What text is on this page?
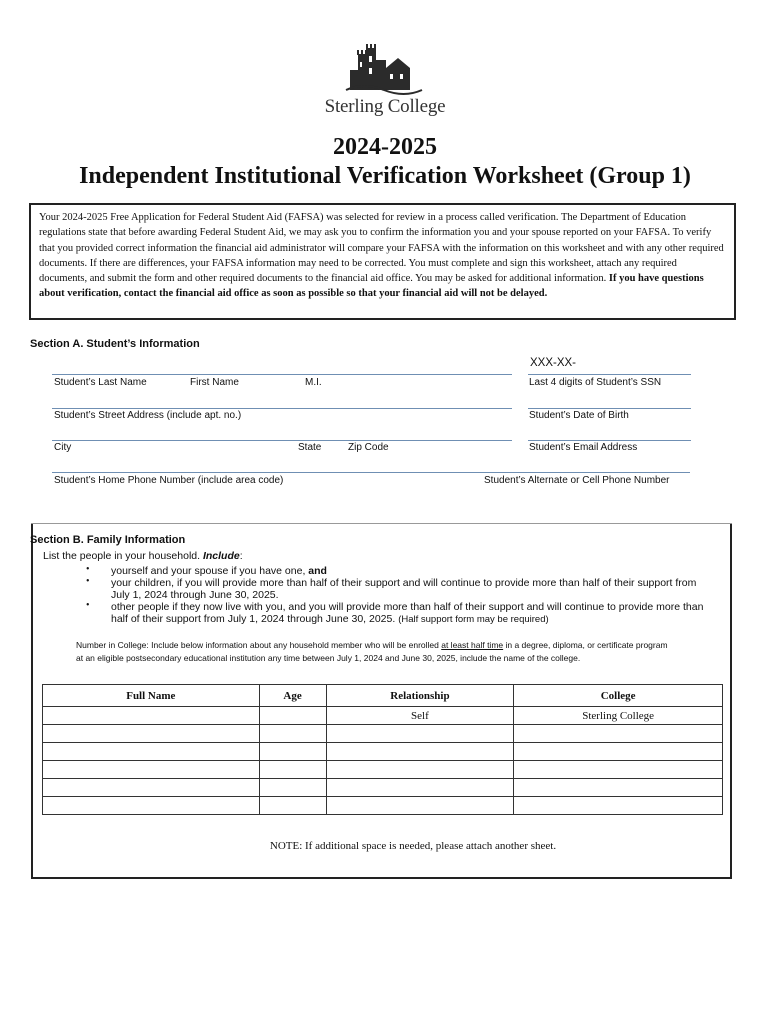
Sterling College
2024-2025
Independent Institutional Verification Worksheet (Group 1)
Your 2024-2025 Free Application for Federal Student Aid (FAFSA) was selected for review in a process called verification. The Department of Education regulations state that before awarding Federal Student Aid, we may ask you to confirm the information you and your spouse reported on your FAFSA. To verify that you provided correct information the financial aid administrator will compare your FAFSA with the information on this worksheet and with any other required documents. If there are differences, your FAFSA information may need to be corrected. You must complete and sign this worksheet, attach any required documents, and submit the form and other required documents to the financial aid office. You may be asked for additional information. If you have questions about verification, contact the financial aid office as soon as possible so that your financial aid will not be delayed.
Section A. Student’s Information
XXX-XX-
Student’s Last Name	First Name	M.I.	Last 4 digits of Student’s SSN
Student’s Street Address (include apt. no.)	Student’s Date of Birth
City	State	Zip Code	Student’s Email Address
Student’s Home Phone Number (include area code)	Student’s Alternate or Cell Phone Number
Section B. Family Information
List the people in your household. Include:
• yourself and your spouse if you have one, and
• your children, if you will provide more than half of their support and will continue to provide more than half of their support from
July 1, 2024 through June 30, 2025.
• other people if they now live with you, and you will provide more than half of their support and will continue to provide more than
half of their support from July 1, 2024 through June 30, 2025. (Half support form may be required)
Number in College: Include below information about any household member who will be enrolled at least half time in a degree, diploma, or certificate program at an eligible postsecondary educational institution any time between July 1, 2024 and June 30, 2025, include the name of the college.
Full Name	Age	Relationship	College
		Self	Sterling College

NOTE: If additional space is needed, please attach another sheet.
